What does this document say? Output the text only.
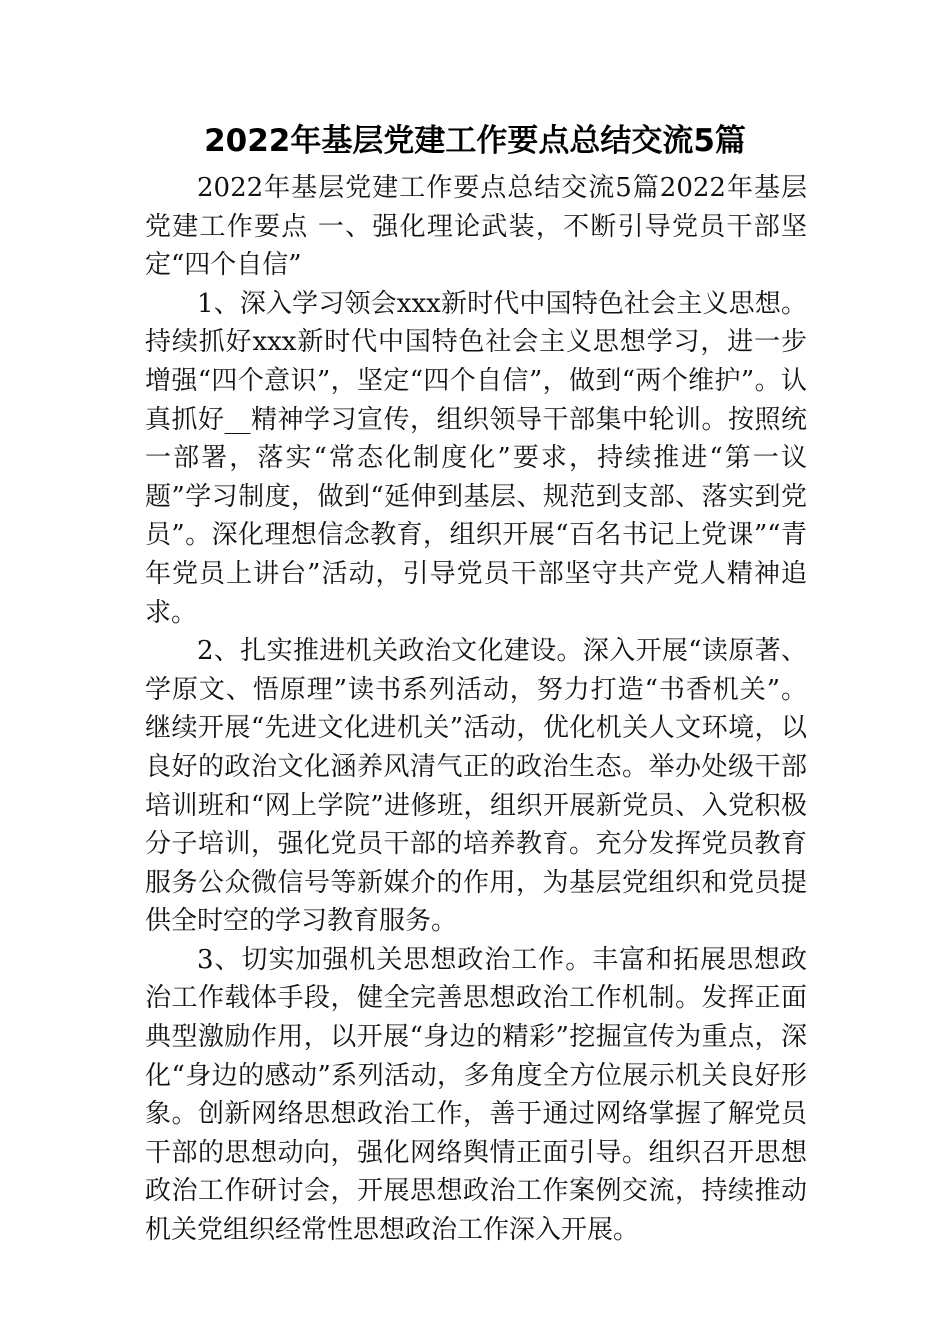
2022年基层党建工作要点总结交流5篇

2022年基层党建工作要点总结交流5篇2022年基层党建工作要点 一、强化理论武装，不断引导党员干部坚定“四个自信”

1、深入学习领会xxx新时代中国特色社会主义思想。持续抓好xxx新时代中国特色社会主义思想学习，进一步增强“四个意识”，坚定“四个自信”，做到“两个维护”。认真抓好__精神学习宣传，组织领导干部集中轮训。按照统一部署，落实“常态化制度化”要求，持续推进“第一议题”学习制度，做到“延伸到基层、规范到支部、落实到党员”。深化理想信念教育，组织开展“百名书记上党课”“青年党员上讲台”活动，引导党员干部坚守共产党人精神追求。

2、扎实推进机关政治文化建设。深入开展“读原著、学原文、悟原理”读书系列活动，努力打造“书香机关”。继续开展“先进文化进机关”活动，优化机关人文环境，以良好的政治文化涵养风清气正的政治生态。举办处级干部培训班和“网上学院”进修班，组织开展新党员、入党积极分子培训，强化党员干部的培养教育。充分发挥党员教育服务公众微信号等新媒介的作用，为基层党组织和党员提供全时空的学习教育服务。

3、切实加强机关思想政治工作。丰富和拓展思想政治工作载体手段，健全完善思想政治工作机制。发挥正面典型激励作用，以开展“身边的精彩”挖掘宣传为重点，深化“身边的感动”系列活动，多角度全方位展示机关良好形象。创新网络思想政治工作，善于通过网络掌握了解党员干部的思想动向，强化网络舆情正面引导。组织召开思想政治工作研讨会，开展思想政治工作案例交流，持续推动机关党组织经常性思想政治工作深入开展。
